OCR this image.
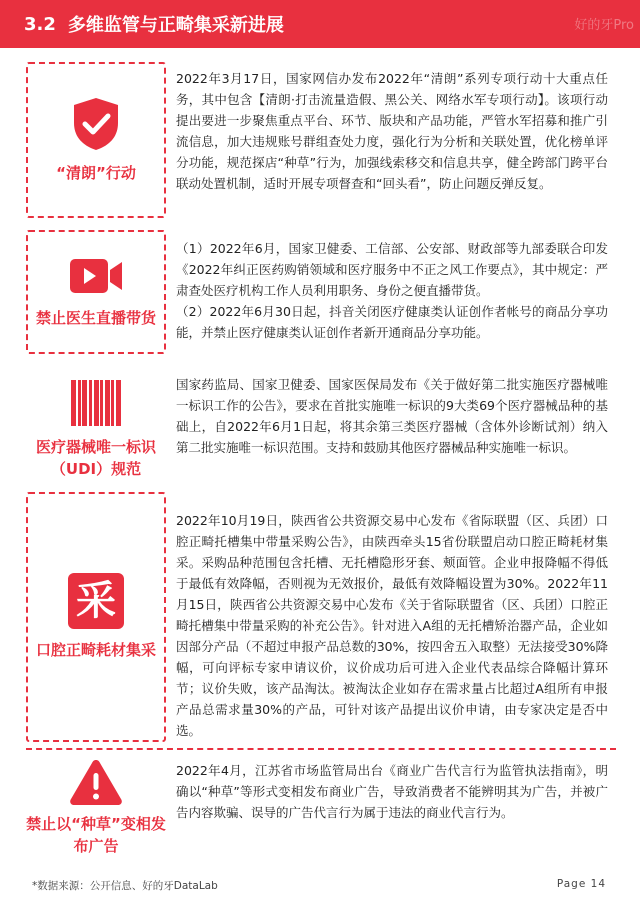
3.2 多维监管与正畸集采新进展	好的牙Pro
“清朗”行动

2022年3月17日，国家网信办发布2022年“清朗”系列专项行动十大重点任务，其中包含【清朗·打击流量造假、黑公关、网络水军专项行动】。该项行动提出要进一步聚焦重点平台、环节、版块和产品功能，严管水军招募和推广引流信息，加大违规账号群组查处力度，强化行为分析和关联处置，优化榜单评分功能，规范探店“种草”行为，加强线索移交和信息共享，健全跨部门跨平台联动处置机制，适时开展专项督查和“回头看”，防止问题反弹反复。

禁止医生直播带货

（1）2022年6月，国家卫健委、工信部、公安部、财政部等九部委联合印发《2022年纠正医药购销领域和医疗服务中不正之风工作要点》，其中规定：严肃查处医疗机构工作人员利用职务、身份之便直播带货。

（2）2022年6月30日起，抖音关闭医疗健康类认证创作者帐号的商品分享功能，并禁止医疗健康类认证创作者新开通商品分享功能。

医疗器械唯一标识（UDI）规范

国家药监局、国家卫健委、国家医保局发布《关于做好第二批实施医疗器械唯一标识工作的公告》，要求在首批实施唯一标识的9大类69个医疗器械品种的基础上，自2022年6月1日起，将其余第三类医疗器械（含体外诊断试剂）纳入第二批实施唯一标识范围。支持和鼓励其他医疗器械品种实施唯一标识。

采
口腔正畸耗材集采

2022年10月19日，陕西省公共资源交易中心发布《省际联盟（区、兵团）口腔正畸托槽集中带量采购公告》，由陕西牵头15省份联盟启动口腔正畸耗材集采。采购品种范围包含托槽、无托槽隐形牙套、颊面管。企业申报降幅不得低于最低有效降幅，否则视为无效报价，最低有效降幅设置为30%。2022年11月15日，陕西省公共资源交易中心发布《关于省际联盟省（区、兵团）口腔正畸托槽集中带量采购的补充公告》。针对进入A组的无托槽矫治器产品，企业如因部分产品（不超过申报产品总数的30%，按四舍五入取整）无法接受30%降幅，可向评标专家申请议价，议价成功后可进入企业代表品综合降幅计算环节；议价失败，该产品淘汰。被淘汰企业如存在需求量占比超过A组所有申报产品总需求量30%的产品，可针对该产品提出议价申请，由专家决定是否中选。

禁止以“种草”变相发布广告

2022年4月，江苏省市场监管局出台《商业广告代言行为监管执法指南》，明确以“种草”等形式变相发布商业广告，导致消费者不能辨明其为广告，并被广告内容欺骗、误导的广告代言行为属于违法的商业代言行为。

*数据来源：公开信息、好的牙DataLab	Page 14
